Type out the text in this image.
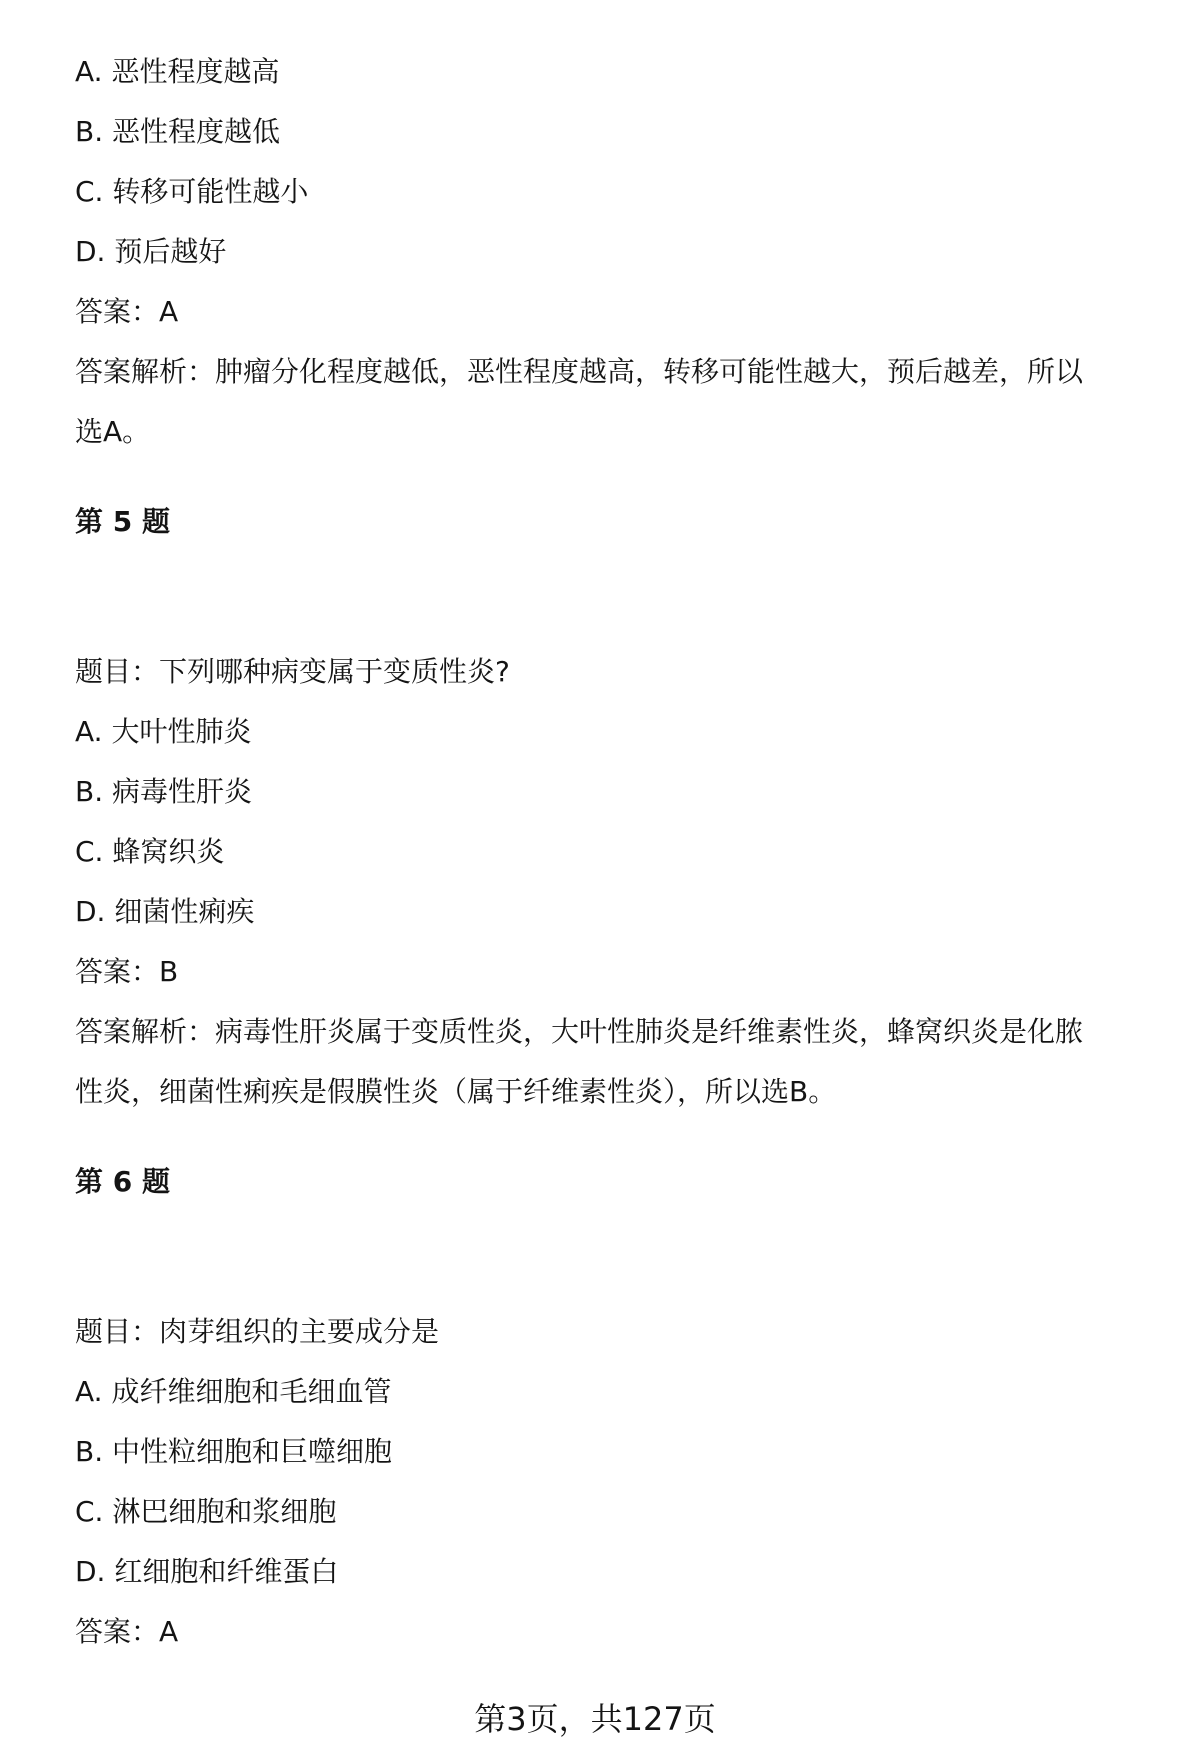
A. 恶性程度越高
B. 恶性程度越低
C. 转移可能性越小
D. 预后越好
答案：A
答案解析：肿瘤分化程度越低，恶性程度越高，转移可能性越大，预后越差，所以
选A。
第 5 题
题目：下列哪种病变属于变质性炎?
A. 大叶性肺炎
B. 病毒性肝炎
C. 蜂窝织炎
D. 细菌性痢疾
答案：B
答案解析：病毒性肝炎属于变质性炎，大叶性肺炎是纤维素性炎，蜂窝织炎是化脓
性炎，细菌性痢疾是假膜性炎（属于纤维素性炎），所以选B。
第 6 题
题目：肉芽组织的主要成分是
A. 成纤维细胞和毛细血管
B. 中性粒细胞和巨噬细胞
C. 淋巴细胞和浆细胞
D. 红细胞和纤维蛋白
答案：A
第3页，共127页
